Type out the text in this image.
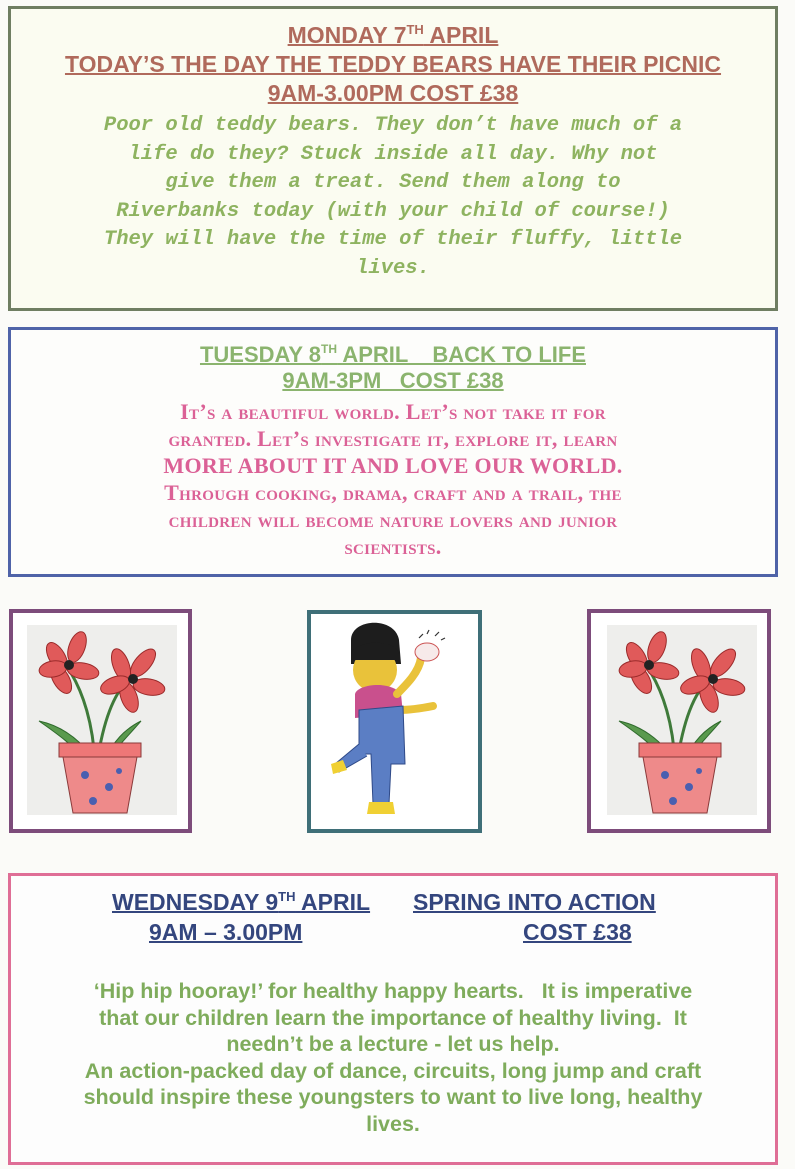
MONDAY 7TH APRIL
TODAY’S THE DAY THE TEDDY BEARS HAVE THEIR PICNIC
9AM-3.00PM COST £38
Poor old teddy bears. They don’t have much of a
life do they? Stuck inside all day. Why not
give them a treat. Send them along to
Riverbanks today (with your child of course!)
They will have the time of their fluffy, little
lives.
TUESDAY 8TH APRIL    BACK TO LIFE
9AM-3PM   COST £38
It’s a beautiful world. Let’s not take it for
granted. Let’s investigate it, explore it, learn
MORE ABOUT IT AND LOVE OUR WORLD.
Through cooking, drama, craft and a trail, the
children will become nature lovers and junior
scientists.
WEDNESDAY 9TH APRIL SPRING INTO ACTION
9AM – 3.00PM	COST £38
‘Hip hip hooray!’ for healthy happy hearts.   It is imperative
that our children learn the importance of healthy living.  It
needn’t be a lecture - let us help.
An action-packed day of dance, circuits, long jump and craft
should inspire these youngsters to want to live long, healthy
lives.
